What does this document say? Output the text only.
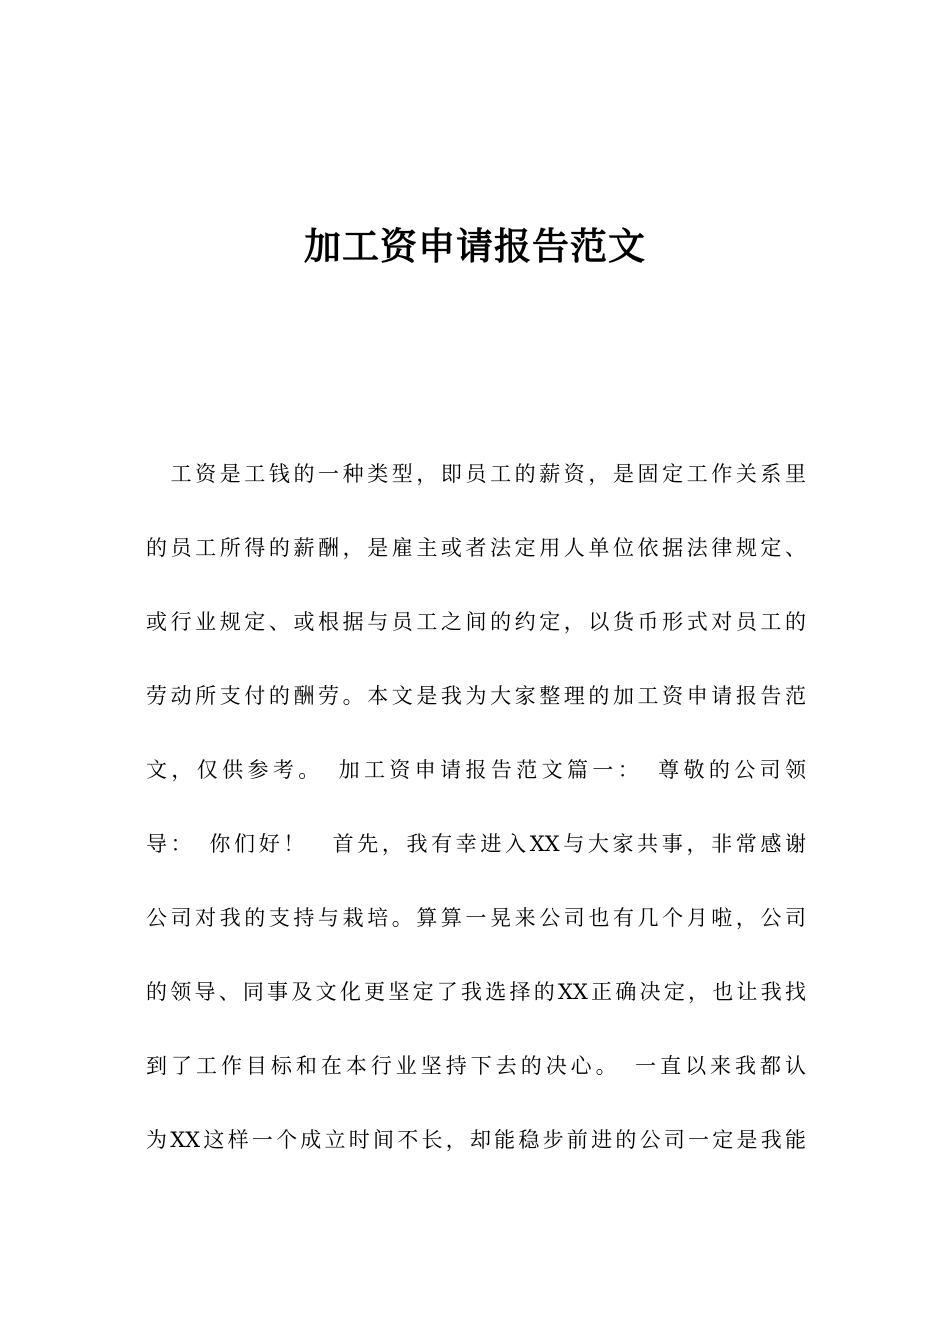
加工资申请报告范文
　工资是工钱的一种类型，即员工的薪资，是固定工作关系里
的员工所得的薪酬，是雇主或者法定用人单位依据法律规定、
或行业规定、或根据与员工之间的约定，以货币形式对员工的
劳动所支付的酬劳。本文是我为大家整理的加工资申请报告范
文，仅供参考。　加工资申请报告范文篇一：　尊敬的公司领
导：　你们好！　首先，我有幸进入XX与大家共事，非常感谢
公司对我的支持与栽培。算算一晃来公司也有几个月啦，公司
的领导、同事及文化更坚定了我选择的XX正确决定，也让我找
到了工作目标和在本行业坚持下去的决心。　一直以来我都认
为XX这样一个成立时间不长，却能稳步前进的公司一定是我能
